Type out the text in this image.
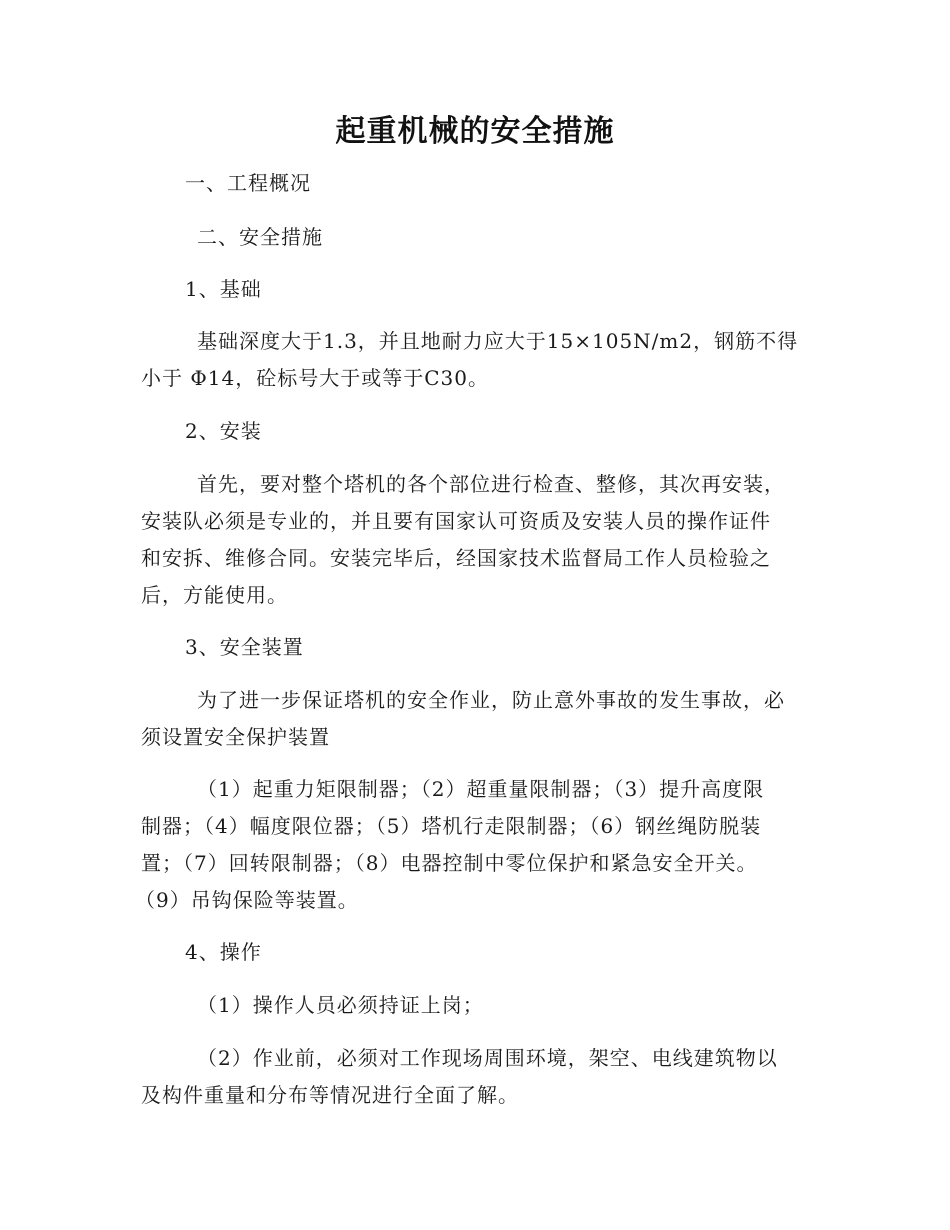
起重机械的安全措施
一、工程概况
二、安全措施
1、基础
基础深度大于1.3，并且地耐力应大于15×105N/m2，钢筋不得
小于 Φ14，砼标号大于或等于C30。
2、安装
首先，要对整个塔机的各个部位进行检查、整修，其次再安装，
安装队必须是专业的，并且要有国家认可资质及安装人员的操作证件
和安拆、维修合同。安装完毕后，经国家技术监督局工作人员检验之
后，方能使用。
3、安全装置
为了进一步保证塔机的安全作业，防止意外事故的发生事故，必
须设置安全保护装置
（1）起重力矩限制器；（2）超重量限制器；（3）提升高度限
制器；（4）幅度限位器；（5）塔机行走限制器；（6）钢丝绳防脱装
置；（7）回转限制器；（8）电器控制中零位保护和紧急安全开关。
（9）吊钩保险等装置。
4、操作
（1）操作人员必须持证上岗；
（2）作业前，必须对工作现场周围环境，架空、电线建筑物以
及构件重量和分布等情况进行全面了解。
